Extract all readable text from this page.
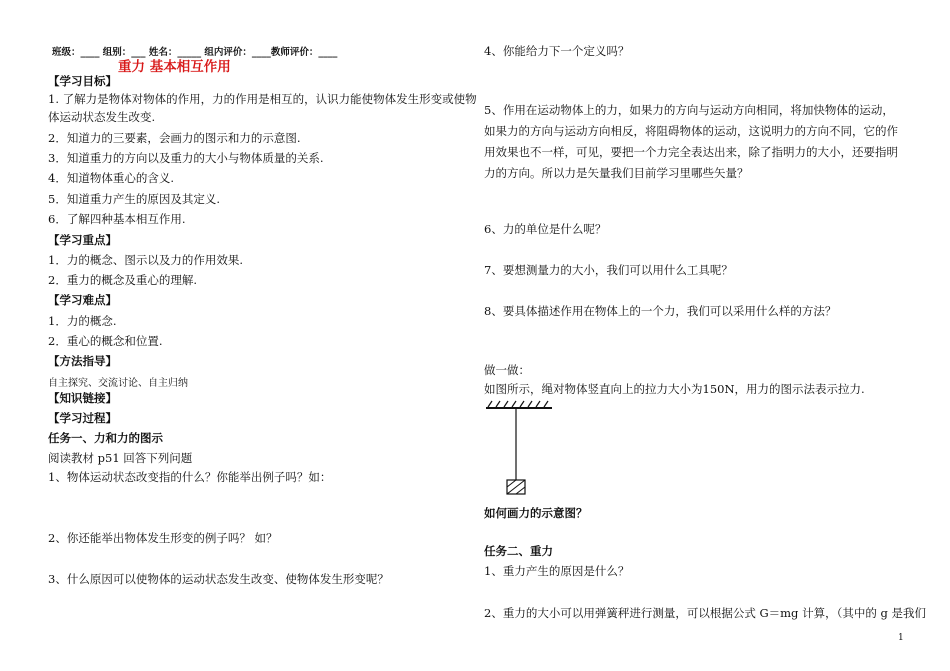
班级：____ 组别：___ 姓名：_____ 组内评价：____教师评价：____
重力 基本相互作用
【学习目标】
1. 了解力是物体对物体的作用，力的作用是相互的，认识力能使物体发生形变或使物
体运动状态发生改变.
2．知道力的三要素，会画力的图示和力的示意图.
3．知道重力的方向以及重力的大小与物体质量的关系.
4．知道物体重心的含义.
5．知道重力产生的原因及其定义.
6．了解四种基本相互作用.
【学习重点】
1．力的概念、图示以及力的作用效果.
2．重力的概念及重心的理解.
【学习难点】
1．力的概念.
2．重心的概念和位置.
【方法指导】
自主探究、交流讨论、自主归纳
【知识链接】
【学习过程】
任务一、力和力的图示
阅读教材 p51 回答下列问题
1、物体运动状态改变指的什么？你能举出例子吗？如：
2、你还能举出物体发生形变的例子吗？ 如？
3、什么原因可以使物体的运动状态发生改变、使物体发生形变呢？
4、你能给力下一个定义吗？
5、作用在运动物体上的力，如果力的方向与运动方向相同，将加快物体的运动，如果力的方向与运动方向相反，将阻碍物体的运动，这说明力的方向不同，它的作用效果也不一样，可见，要把一个力完全表达出来，除了指明力的大小，还要指明力的方向。所以力是矢量我们目前学习里哪些矢量？
6、力的单位是什么呢？
7、要想测量力的大小，我们可以用什么工具呢？
8、要具体描述作用在物体上的一个力，我们可以采用什么样的方法？
做一做：
如图所示，绳对物体竖直向上的拉力大小为150N，用力的图示法表示拉力.
如何画力的示意图？
任务二、重力
1、重力产生的原因是什么？
2、重力的大小可以用弹簧秤进行测量，可以根据公式 G＝mg 计算，（其中的 g 是我们
1
